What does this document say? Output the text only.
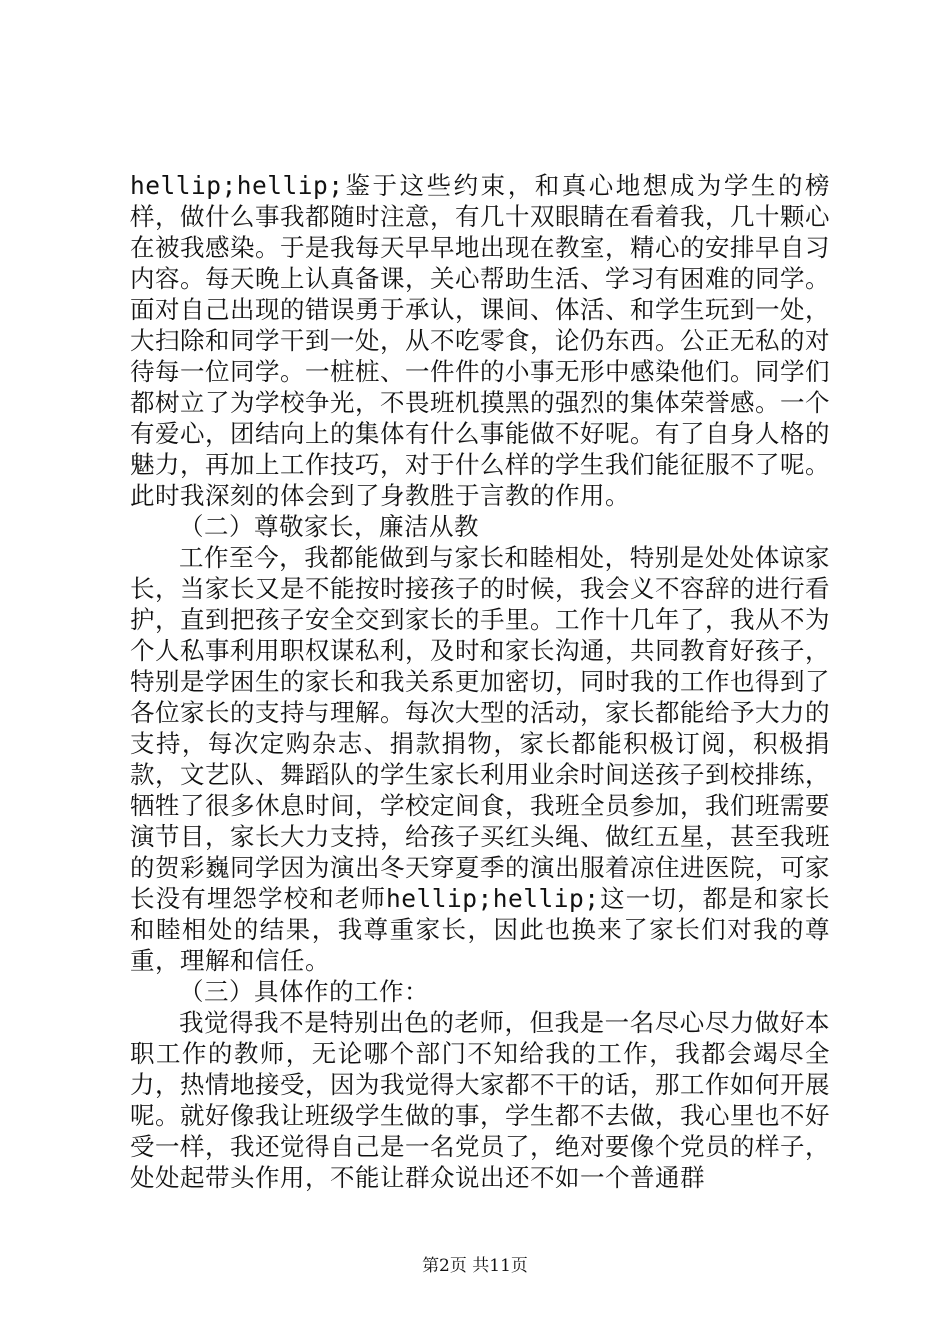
hellip;hellip;鉴于这些约束，和真心地想成为学生的榜样，做什么事我都随时注意，有几十双眼睛在看着我，几十颗心在被我感染。于是我每天早早地出现在教室，精心的安排早自习内容。每天晚上认真备课，关心帮助生活、学习有困难的同学。面对自己出现的错误勇于承认，课间、体活、和学生玩到一处，大扫除和同学干到一处，从不吃零食，论仍东西。公正无私的对待每一位同学。一桩桩、一件件的小事无形中感染他们。同学们都树立了为学校争光，不畏班机摸黑的强烈的集体荣誉感。一个有爱心，团结向上的集体有什么事能做不好呢。有了自身人格的魅力，再加上工作技巧，对于什么样的学生我们能征服不了呢。此时我深刻的体会到了身教胜于言教的作用。

（二）尊敬家长，廉洁从教

工作至今，我都能做到与家长和睦相处，特别是处处体谅家长，当家长又是不能按时接孩子的时候，我会义不容辞的进行看护，直到把孩子安全交到家长的手里。工作十几年了，我从不为个人私事利用职权谋私利，及时和家长沟通，共同教育好孩子，特别是学困生的家长和我关系更加密切，同时我的工作也得到了各位家长的支持与理解。每次大型的活动，家长都能给予大力的支持，每次定购杂志、捐款捐物，家长都能积极订阅，积极捐款，文艺队、舞蹈队的学生家长利用业余时间送孩子到校排练，牺牲了很多休息时间，学校定间食，我班全员参加，我们班需要演节目，家长大力支持，给孩子买红头绳、做红五星，甚至我班的贺彩巍同学因为演出冬天穿夏季的演出服着凉住进医院，可家长没有埋怨学校和老师hellip;hellip;这一切，都是和家长和睦相处的结果，我尊重家长，因此也换来了家长们对我的尊重，理解和信任。

（三）具体作的工作：

我觉得我不是特别出色的老师，但我是一名尽心尽力做好本职工作的教师，无论哪个部门不知给我的工作，我都会竭尽全力，热情地接受，因为我觉得大家都不干的话，那工作如何开展呢。就好像我让班级学生做的事，学生都不去做，我心里也不好受一样，我还觉得自己是一名党员了，绝对要像个党员的样子，处处起带头作用，不能让群众说出还不如一个普通群

第2页 共11页
